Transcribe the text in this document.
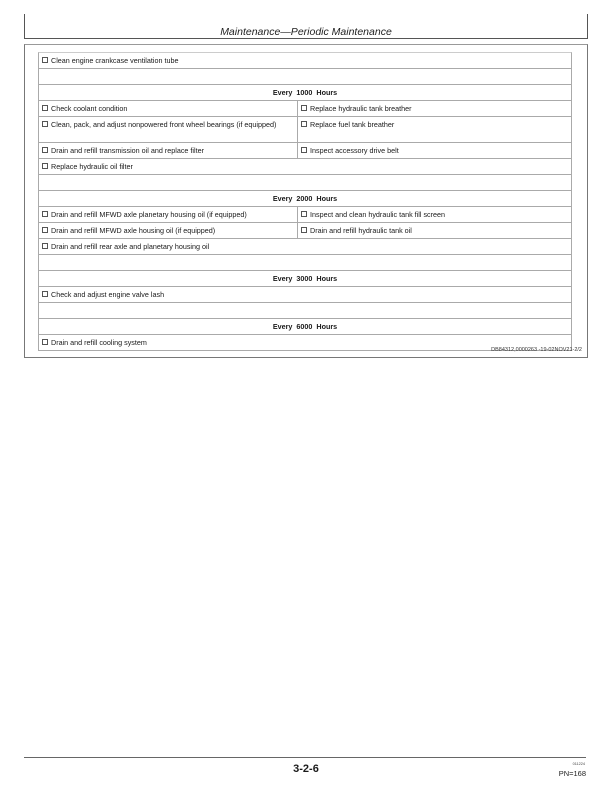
Maintenance—Periodic Maintenance
Clean engine crankcase ventilation tube
Every 1000 Hours
Check coolant condition	Replace hydraulic tank breather
Clean, pack, and adjust nonpowered front wheel bearings (if equipped)	Replace fuel tank breather
Drain and refill transmission oil and replace filter	Inspect accessory drive belt
Replace hydraulic oil filter
Every 2000 Hours
Drain and refill MFWD axle planetary housing oil (if equipped)	Inspect and clean hydraulic tank fill screen
Drain and refill MFWD axle housing oil (if equipped)	Drain and refill hydraulic tank oil
Drain and refill rear axle and planetary housing oil
Every 3000 Hours
Check and adjust engine valve lash
Every 6000 Hours
Drain and refill cooling system
DB84312,0000263 -19-02NOV21-2/2
3-2-6	011224
PN=168
